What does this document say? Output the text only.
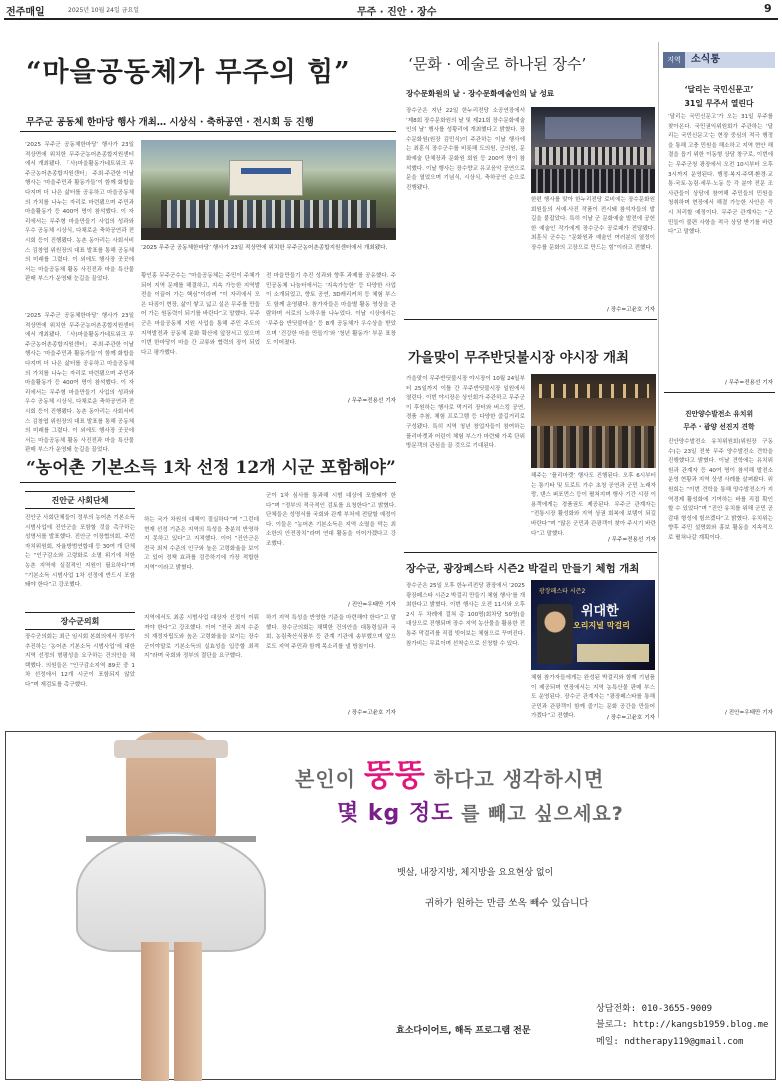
전주매일	2025년 10월 24일 금요일	무주 · 진안 · 장수	9
“마을공동체가 무주의 힘”
무주군 공동체 한마당 행사 개최… 시상식 · 축하공연 · 전시회 등 진행
‘2025 무주군 공동체한마당’ 행사가 23일 적상면에 위치한 무주군농어촌종합지원센터에서 개최됐다. 「사)마을활동가네트워크 무주군농어촌종합지원센터」 주최·주관한 이날 행사는 ‘마을주민과 활동가들’이 함께 화합을 다지며 더 나은 삶터를 공유하고 마을공동체의 가치를 나누는 자리로 마련됐으며 주민과 마을활동가 등 400여 명이 참석했다. 이 자리에서는 무주형 마을만들기 사업의 성과와 우수 공동체 시상식, 다채로운 축하공연과 전시회 등이 진행됐다. 농촌 동아리는 사회서비스 김창엽 위원장의 대표 발표를 통해 공동체의 미래를 그렸다. 이 외에도 행사장 곳곳에서는 마을공동체 활동 사진전과 마을 특산물 판매 부스가 운영돼 눈길을 끌었다.
‘2025 무주군 공동체한마당’ 행사가 23일 적상면에 위치한 무주군농어촌종합지원센터에서 개최됐다.
‘2025 무주군 공동체한마당’ 행사가 23일 적상면에 위치한 무주군농어촌종합지원센터에서 개최됐다. 「사)마을활동가네트워크 무주군농어촌종합지원센터」 주최·주관한 이날 행사는 ‘마을주민과 활동가들’이 함께 화합을 다지며 더 나은 삶터를 공유하고 마을공동체의 가치를 나누는 자리로 마련됐으며 주민과 마을활동가 등 400여 명이 참석했다. 이 자리에서는 무주형 마을만들기 사업의 성과와 우수 공동체 시상식, 다채로운 축하공연과 전시회 등이 진행됐다. 농촌 동아리는 사회서비스 김창엽 위원장의 대표 발표를 통해 공동체의 미래를 그렸다. 이 외에도 행사장 곳곳에서는 마을공동체 활동 사진전과 마을 특산물 판매 부스가 운영돼 눈길을 끌었다.
황인홍 무주군수는 “마을공동체는 주민이 주체가 되어 지역 문제를 해결하고, 지속 가능한 지역발전을 이끌어 가는 핵심”이라며 “이 자리에서 모은 다짐이 현장, 삶이 쌓고 넓고 실은 무주를 만들어 가는 원동력이 되기를 바란다”고 말했다. 무주군은 마을공동체 지원 사업을 통해 주민 주도의 지역발전과 공동체 문화 확산에 앞장서고 있으며 이번 한마당이 마을 간 교류와 협력의 장이 되었다고 평가했다.
전 마을만들기 추진 성과와 향후 과제를 공유했다. 주민공동체 나눔터에서는 ‘지속가능한’ 등 다양한 사업이 소개되었고, 향토 공연, 3D캐리커처 등 체험 부스도 함께 운영됐다. 참가자들은 마을별 활동 영상을 관람하며 서로의 노하우를 나누었다. 이날 시상에서는 ‘무주읍 반딧불마을’ 등 8개 공동체가 우수상을 받았으며 ‘건강한 마을 만들기’와 ‘청년 활동가’ 부문 표창도 이어졌다.
/ 무주=전용선 기자
‘문화 · 예술로 하나된 장수’
장수문화원의 날 · 장수문화예술인의 날 성료
장수군은 지난 22일 한누리전당 소공연장에서 ‘제8회 장수문화원의 날 및 제21회 장수문화예술인의 날’ 행사를 성황리에 개최했다고 밝혔다. 장수문화원(원장 김민식)이 주관하는 이날 행사에는 최훈식 장수군수를 비롯해 도의원, 군의원, 문화예술 단체장과 문화원 회원 등 200여 명이 참석했다. 이날 행사는 장수향교 유교음악 공연으로 문을 열었으며 기념식, 시상식, 축하공연 순으로 진행됐다.
한편 행사를 맞아 한누리전당 로비에는 장수문화원 회원들의 서예·사진 작품이 전시돼 참석자들의 발길을 붙잡았다. 특히 이날 군 문화예술 발전에 공헌한 예술인 작가에게 장수군수 공로패가 전달됐다. 최훈식 군수는 “문화원과 예술인 여러분의 열정이 장수를 문화의 고장으로 만드는 힘”이라고 전했다.
/ 장수=고윤호 기자
가을맞이 무주반딧불시장 야시장 개최
가을맞이 무주반딧불시장 야시장이 10월 24일부터 25일까지 이틀 간 무주반딧불시장 일원에서 열린다. 이번 야시장은 상인회가 주관하고 무주군이 후원하는 행사로 먹거리 장터와 버스킹 공연, 경품 추첨, 체험 프로그램 등 다양한 즐길거리로 구성됐다. 특히 지역 청년 창업자들이 참여하는 플리마켓과 어린이 체험 부스가 마련돼 가족 단위 방문객의 관심을 끌 것으로 기대된다.
해주는 ‘플리마켓’ 행사도 진행된다. 오후 6시부터는 통기타 및 트로트 가수 초청 공연과 군민 노래자랑, 댄스 퍼포먼스 등이 펼쳐지며 행사 기간 시장 이용객에게는 경품권도 제공된다. 무주군 관계자는 “전통시장 활성화와 지역 상권 회복에 보탬이 되길 바란다”며 “많은 군민과 관광객이 찾아 주시기 바란다”고 말했다.
/ 무주=전용선 기자
장수군, 광장페스타 시즌2 박걸리 만들기 체험 개최
장수군은 25일 오후 한누리전당 광장에서 ‘2025 광장페스타 시즌2 박걸리 만들기 체험 행사’를 개최한다고 밝혔다. 이번 행사는 오전 11시와 오후 2시 두 차례에 걸쳐 총 100명(회차당 50명)을 대상으로 진행되며 장수 지역 농산물을 활용한 전통주 막걸리를 직접 빚어보는 체험으로 꾸며진다. 참가비는 무료이며 선착순으로 신청할 수 있다.
광장페스타 시즌2
위대한
오리지널 막걸리
체험 참가자들에게는 완성된 박걸리와 함께 기념품이 제공되며 현장에서는 지역 농특산물 판매 부스도 운영된다. 장수군 관계자는 “광장페스타를 통해 군민과 관광객이 함께 즐기는 문화 공간을 만들어 가겠다”고 전했다.	/ 장수=고윤호 기자
“농어촌 기본소득 1차 선정 12개 시군 포함해야”
진안군 사회단체
진안군 사회단체들이 정부의 농어촌 기본소득 시범사업에 진안군을 포함할 것을 촉구하는 성명서를 발표했다. 진안군 이장협의회, 주민자치위원회, 자율방범연합대 등 30여 개 단체는 “인구감소와 고령화로 소멸 위기에 처한 농촌 지역에 실질적인 지원이 필요하다”며 “기본소득 시범사업 1차 선정에 반드시 포함돼야 한다”고 강조했다.
하는 국가 차원의 대책이 절실하다”며 “그런데 현재 선정 기준은 지역의 특성을 충분히 반영하지 못하고 있다”고 지적했다. 이어 “진안군은 전국 최저 수준의 인구와 높은 고령화율을 보이고 있어 정책 효과를 검증하기에 가장 적합한 지역”이라고 밝혔다.
군이 1차 심사를 통과해 시범 대상에 포함돼야 한다”며 “정부의 적극적인 검토를 요청한다”고 밝혔다. 단체들은 성명서를 국회와 관계 부처에 전달할 예정이다. 이들은 “농어촌 기본소득은 지역 소멸을 막는 최소한의 안전장치”라며 연대 활동을 이어가겠다고 강조했다.
/ 진안=우태만 기자
장수군의회
장수군의회는 최근 임시회 본회의에서 정부가 추진하는 ‘농어촌 기본소득 시범사업’에 대한 지역 선정의 형평성을 요구하는 건의안을 채택했다. 의원들은 “인구감소지역 89곳 중 1차 선정에서 12개 시군이 포함되지 않았다”며 재검토를 촉구했다.
지역에서도 최종 시범사업 대상자 선정이 이뤄져야 한다”고 강조했다. 이어 “전국 최저 수준의 재정자립도와 높은 고령화율을 보이는 장수군이야말로 기본소득의 실효성을 입증할 최적지”라며 국회와 정부의 결단을 요구했다.
하기 지역 특성을 반영한 기준을 마련해야 한다”고 말했다. 장수군의회는 채택한 건의안을 대통령실과 국회, 농림축산식품부 등 관계 기관에 송부했으며 앞으로도 지역 주민과 함께 목소리를 낼 방침이다.
/ 장수=고윤호 기자
지역	소식통
‘달리는 국민신문고’
31일 무주서 열린다
‘달리는 국민신문고’가 오는 31일 무주를 찾아온다. 국민권익위원회가 주관하는 ‘달리는 국민신문고’는 현장 중심의 적극 행정을 통해 고충 민원을 해소하고 지역 현안 해결을 돕기 위한 이동형 상담 창구로, 이번에는 무주군청 광장에서 오전 10시부터 오후 3시까지 운영된다. 행정·복지·주택·환경·교통·국토·농림·세무·노동 등 각 분야 전문 조사관들이 상담에 참여해 주민들의 민원을 청취하며 현장에서 해결 가능한 사안은 즉시 처리할 예정이다. 무주군 관계자는 “군민들이 불편 사항을 적극 상담 받기를 바란다”고 말했다.
/ 무주=전용선 기자
진안양수발전소 유치위
무주 · 괌양 선진지 견학
진안양수발전소 유치위원회(위원장 구동수)는 23일 전북 무주 양수발전소 견학을 진행했다고 밝혔다. 이날 견학에는 유치위원과 관계자 등 40여 명이 참석해 발전소 운영 현황과 지역 상생 사례를 살펴봤다. 위원회는 “이번 견학을 통해 양수발전소가 지역경제 활성화에 기여하는 바를 직접 확인할 수 있었다”며 “진안 유치를 위해 군민 공감대 형성에 힘쓰겠다”고 밝혔다. 유치위는 향후 주민 설명회와 홍보 활동을 지속적으로 펼쳐나갈 계획이다.
/ 진안=우태만 기자
본인이 뚱뚱 하다고 생각하시면
몇 kg 정도 를 빼고 싶으세요?
뱃살, 내장지방, 체지방을 요요현상 없이
귀하가 원하는 만큼 쏘옥 빼수 있습니다
효소다이어트, 해독 프로그램 전문
상담전화: 010-3655-9009
블로그: http://kangsb1959.blog.me
메일: ndtherapy119@gmail.com
